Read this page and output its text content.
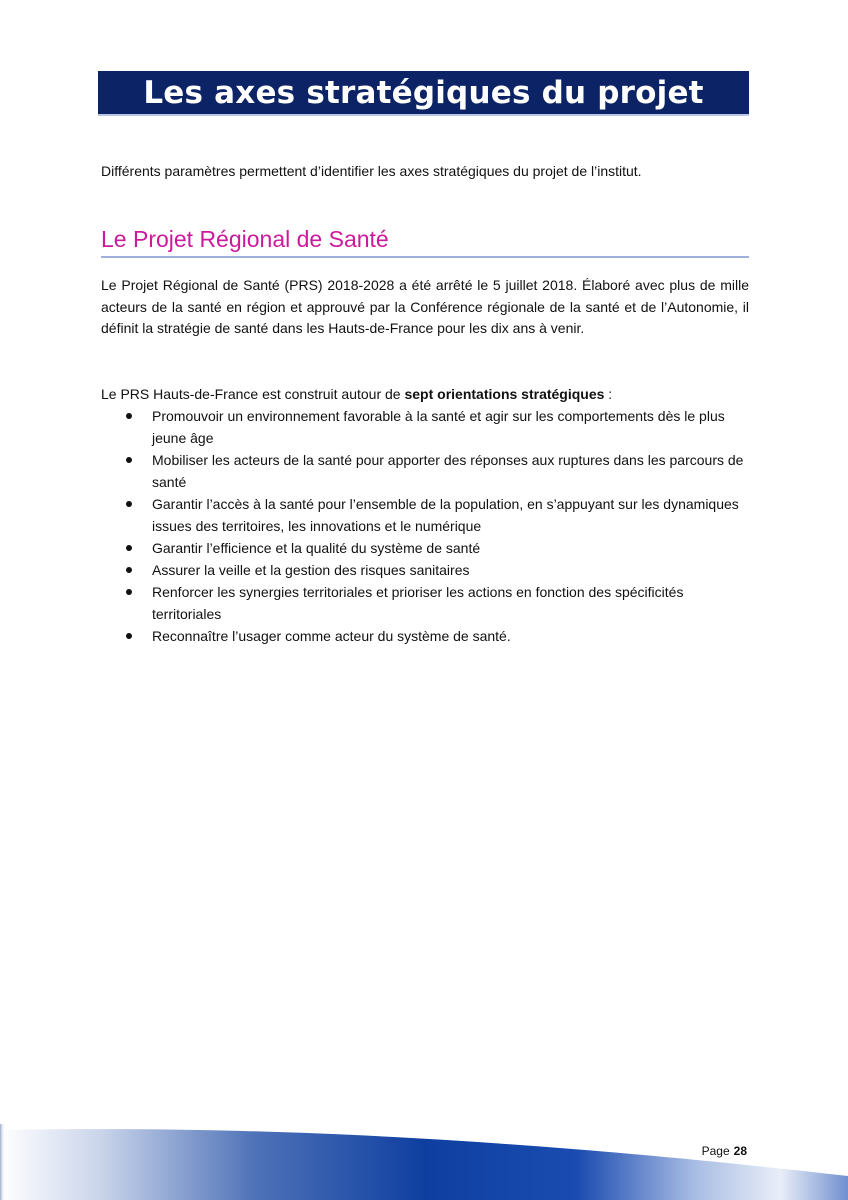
Les axes stratégiques du projet

Différents paramètres permettent d’identifier les axes stratégiques du projet de l’institut.

Le Projet Régional de Santé

Le Projet Régional de Santé (PRS) 2018-2028 a été arrêté le 5 juillet 2018. Élaboré avec plus de mille acteurs de la santé en région et approuvé par la Conférence régionale de la santé et de l’Autonomie, il définit la stratégie de santé dans les Hauts-de-France pour les dix ans à venir.

Le PRS Hauts-de-France est construit autour de sept orientations stratégiques :

Promouvoir un environnement favorable à la santé et agir sur les comportements dès le plus jeune âge
Mobiliser les acteurs de la santé pour apporter des réponses aux ruptures dans les parcours de santé
Garantir l’accès à la santé pour l’ensemble de la population, en s’appuyant sur les dynamiques issues des territoires, les innovations et le numérique
Garantir l’efficience et la qualité du système de santé
Assurer la veille et la gestion des risques sanitaires
Renforcer les synergies territoriales et prioriser les actions en fonction des spécificités territoriales
Reconnaître l’usager comme acteur du système de santé.
Page 28
